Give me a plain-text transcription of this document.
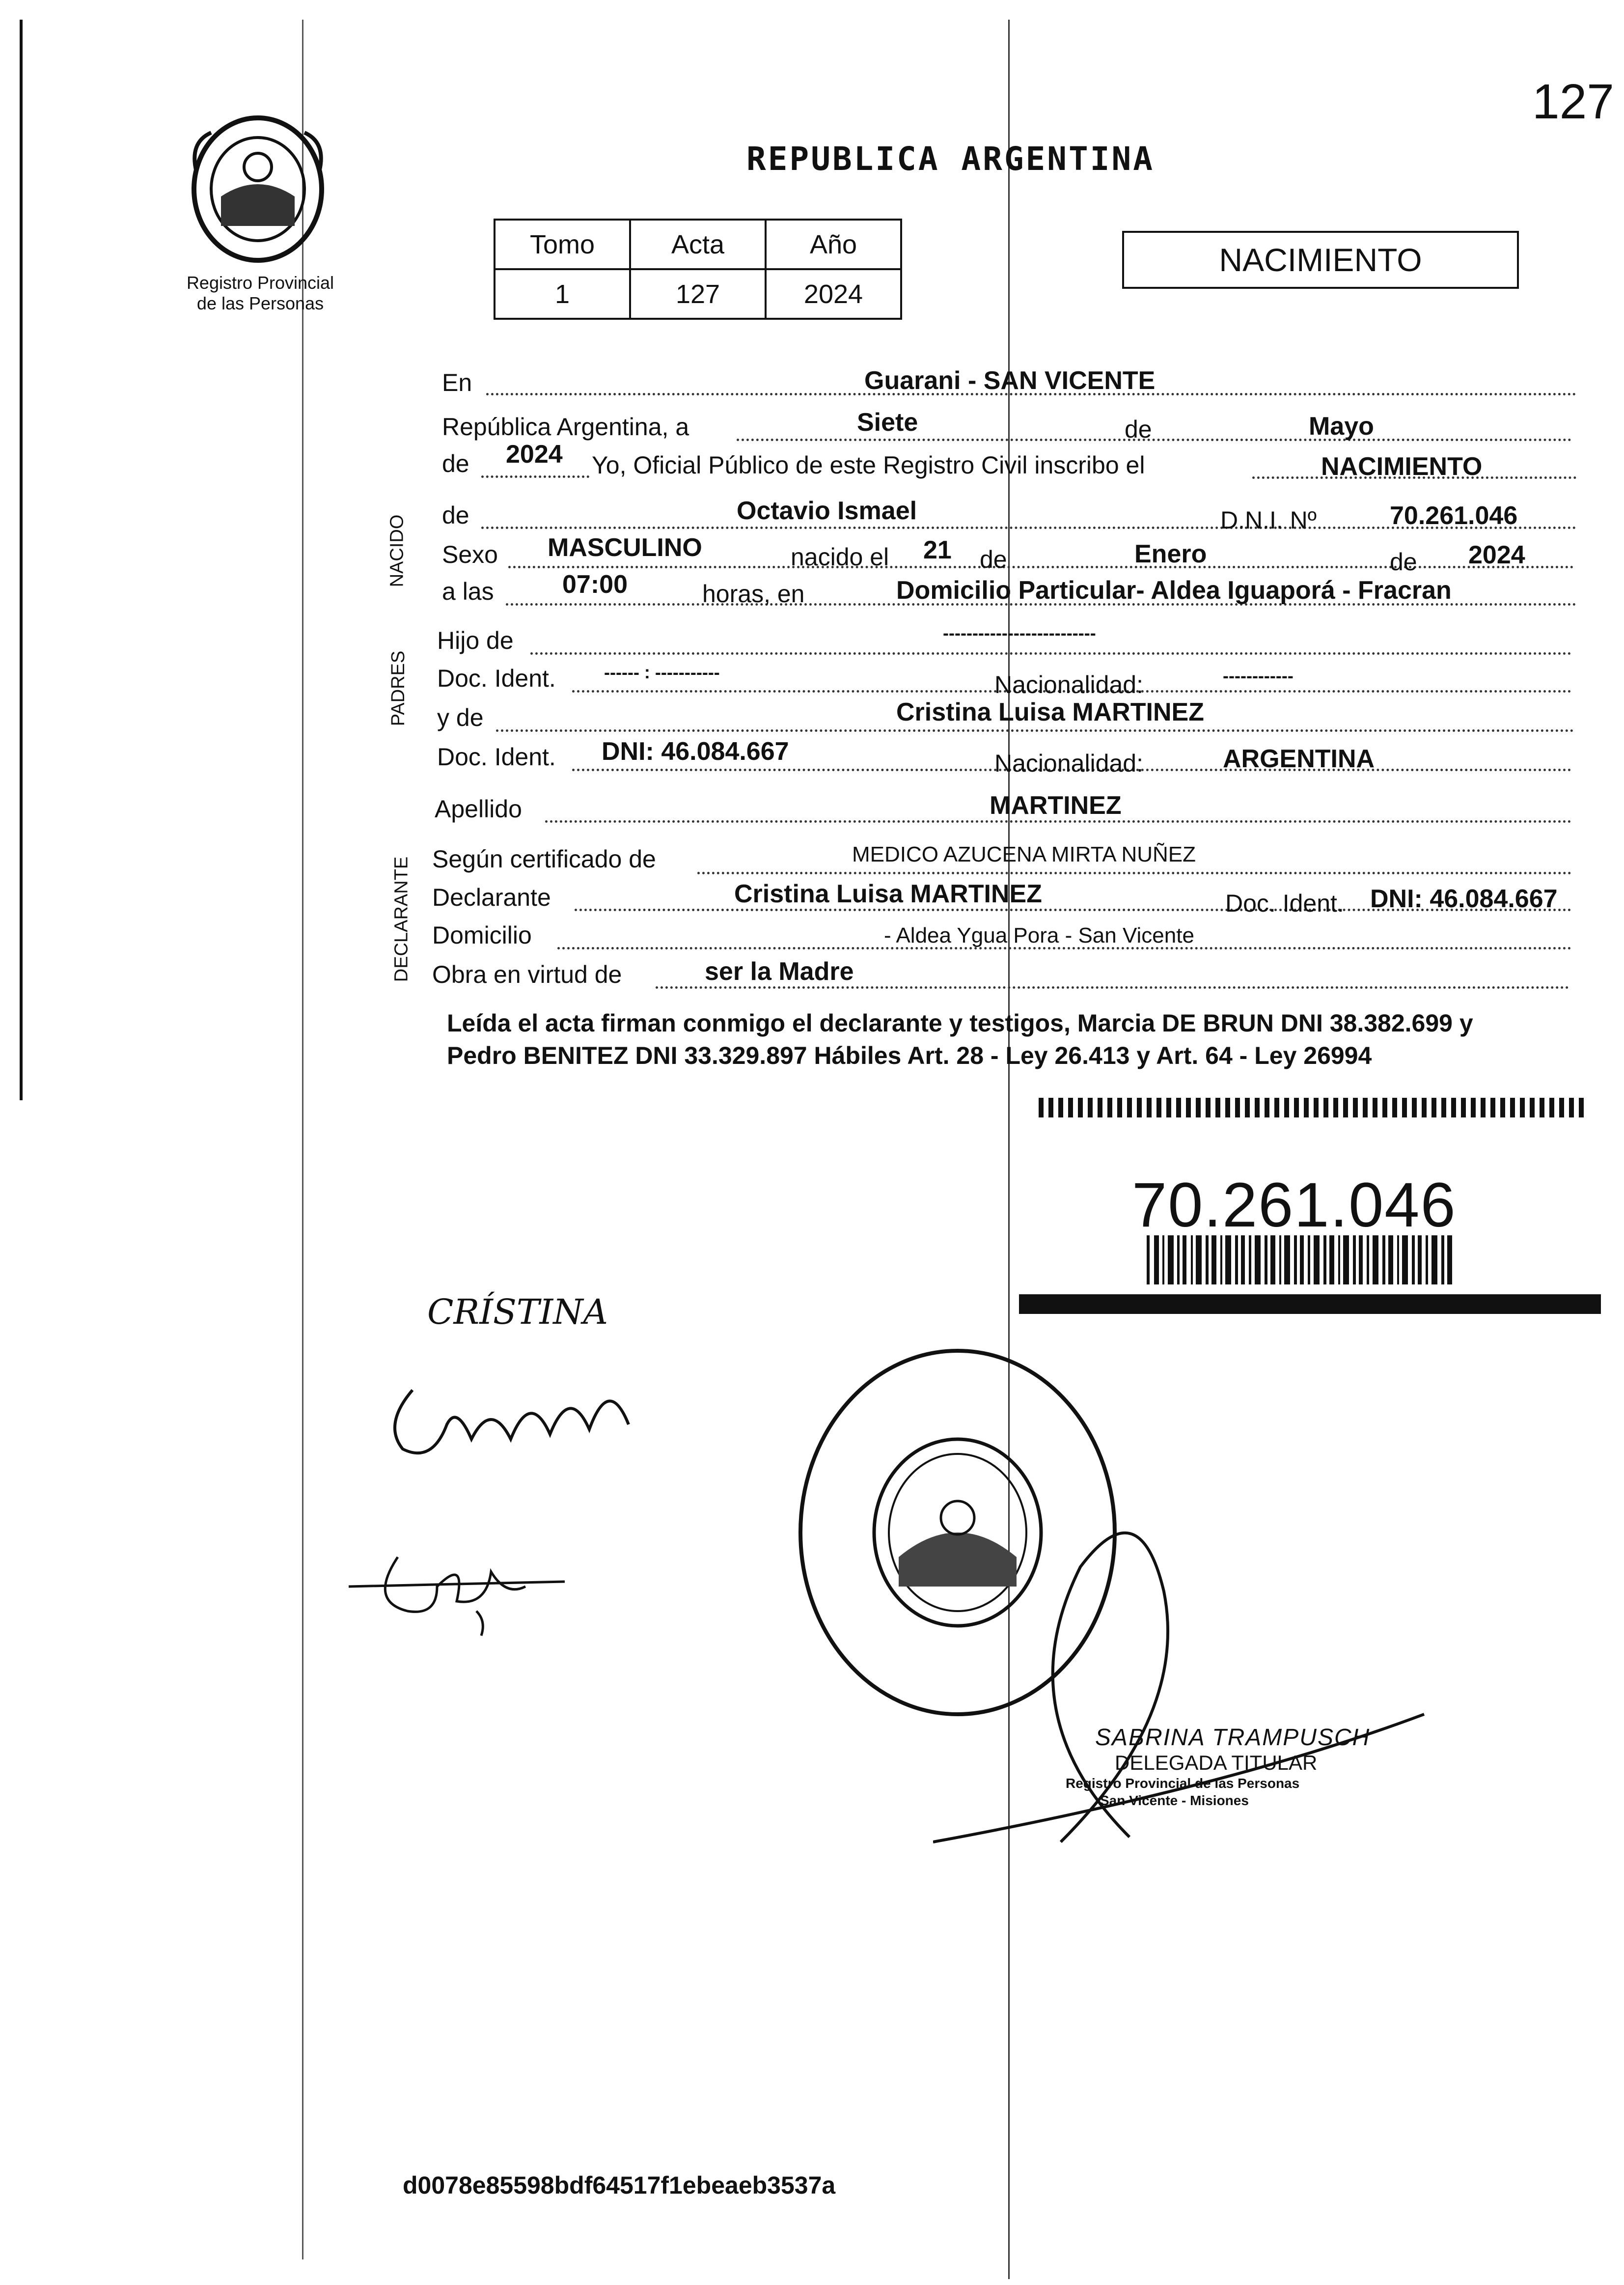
127
Registro Provincial
de las Personas
REPUBLICA ARGENTINA
Tomo	Acta	Año
1	127	2024
NACIMIENTO
En	Guarani - SAN VICENTE
República Argentina, a	Siete	de	Mayo
de 2024 Yo, Oficial Público de este Registro Civil inscribo el	NACIMIENTO
NACIDO
PADRES
DECLARANTE
de	Octavio Ismael	D.N.I. Nº	70.261.046
Sexo MASCULINO	nacido el 21 de	Enero	de 2024
a las	07:00	horas, en	Domicilio Particular- Aldea Iguaporá - Fracran
Hijo de	--------------------------
Doc. Ident.	------ : -----------	Nacionalidad:	------------
y de	Cristina Luisa MARTINEZ
Doc. Ident. DNI: 46.084.667	Nacionalidad:	ARGENTINA
Apellido	MARTINEZ
Según certificado de	MEDICO AZUCENA MIRTA NUÑEZ
Declarante	Cristina Luisa MARTINEZ	Doc. Ident. DNI: 46.084.667
Domicilio	- Aldea Ygua Pora - San Vicente
Obra en virtud de	ser la Madre
Leída el acta firman conmigo el declarante y testigos, Marcia DE BRUN DNI 38.382.699 y Pedro BENITEZ DNI 33.329.897 Hábiles Art. 28 - Ley 26.413 y Art. 64 - Ley 26994
70.261.046
CRÍSTINA
SABRINA TRAMPUSCH
DELEGADA TITULAR
Registro Provincial de las Personas
San Vicente - Misiones
d0078e85598bdf64517f1ebeaeb3537a
